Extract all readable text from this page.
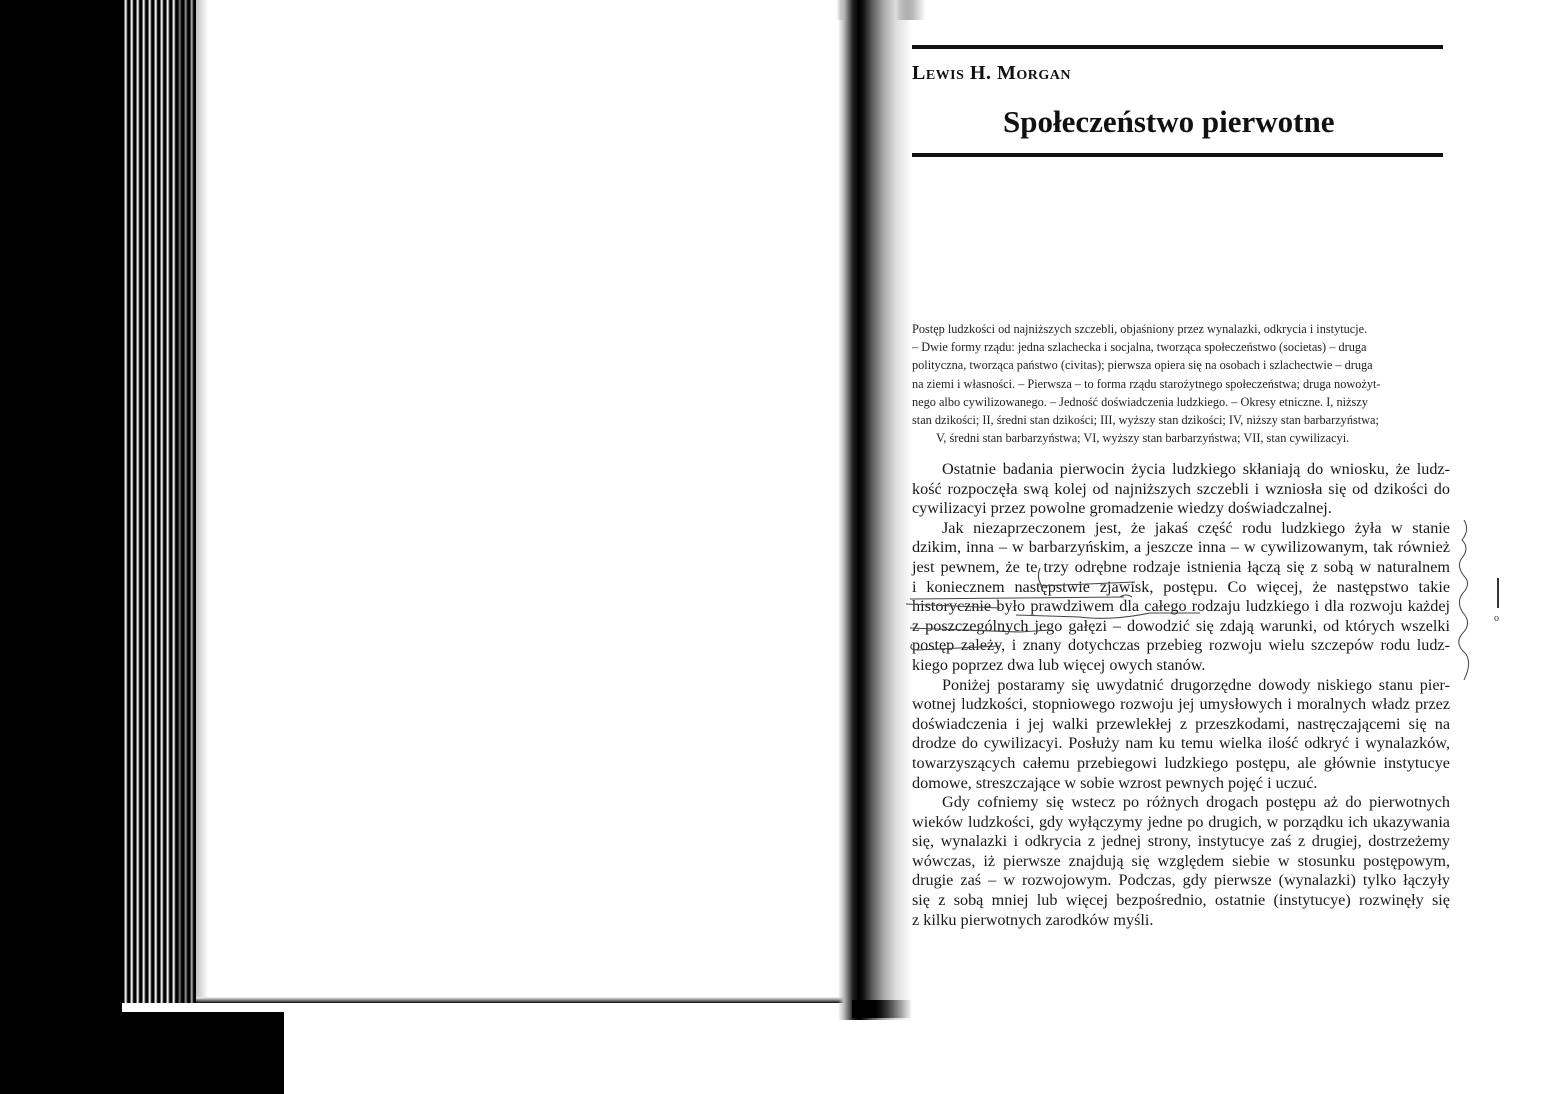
Lewis H. Morgan
Społeczeństwo pierwotne

Postęp ludzkości od najniższych szczebli, objaśniony przez wynalazki, odkrycia i instytucje.
– Dwie formy rządu: jedna szlachecka i socjalna, tworząca społeczeństwo (societas) – druga
polityczna, tworząca państwo (civitas); pierwsza opiera się na osobach i szlachectwie – druga
na ziemi i własności. – Pierwsza – to forma rządu starożytnego społeczeństwa; druga nowożyt-
nego albo cywilizowanego. – Jedność doświadczenia ludzkiego. – Okresy etniczne. I, niższy
stan dzikości; II, średni stan dzikości; III, wyższy stan dzikości; IV, niższy stan barbarzyństwa;
V, średni stan barbarzyństwa; VI, wyższy stan barbarzyństwa; VII, stan cywilizacyi.

Ostatnie badania pierwocin życia ludzkiego skłaniają do wniosku, że ludz-
kość rozpoczęła swą kolej od najniższych szczebli i wzniosła się od dzikości do
cywilizacyi przez powolne gromadzenie wiedzy doświadczalnej.
Jak niezaprzeczonem jest, że jakaś część rodu ludzkiego żyła w stanie
dzikim, inna – w barbarzyńskim, a jeszcze inna – w cywilizowanym, tak również
jest pewnem, że te trzy odrębne rodzaje istnienia łączą się z sobą w naturalnem
i koniecznem następstwie zjawisk, postępu. Co więcej, że następstwo takie
historycznie było prawdziwem dla całego rodzaju ludzkiego i dla rozwoju każdej
z poszczególnych jego gałęzi – dowodzić się zdają warunki, od których wszelki
postęp zależy, i znany dotychczas przebieg rozwoju wielu szczepów rodu ludz-
kiego poprzez dwa lub więcej owych stanów.
Poniżej postaramy się uwydatnić drugorzędne dowody niskiego stanu pier-
wotnej ludzkości, stopniowego rozwoju jej umysłowych i moralnych władz przez
doświadczenia i jej walki przewlekłej z przeszkodami, nastręczającemi się na
drodze do cywilizacyi. Posłuży nam ku temu wielka ilość odkryć i wynalazków,
towarzyszących całemu przebiegowi ludzkiego postępu, ale głównie instytucye
domowe, streszczające w sobie wzrost pewnych pojęć i uczuć.
Gdy cofniemy się wstecz po różnych drogach postępu aż do pierwotnych
wieków ludzkości, gdy wyłączymy jedne po drugich, w porządku ich ukazywania
się, wynalazki i odkrycia z jednej strony, instytucye zaś z drugiej, dostrzeżemy
wówczas, iż pierwsze znajdują się względem siebie w stosunku postępowym,
drugie zaś – w rozwojowym. Podczas, gdy pierwsze (wynalazki) tylko łączyły
się z sobą mniej lub więcej bezpośrednio, ostatnie (instytucye) rozwinęły się
z kilku pierwotnych zarodków myśli.
o
